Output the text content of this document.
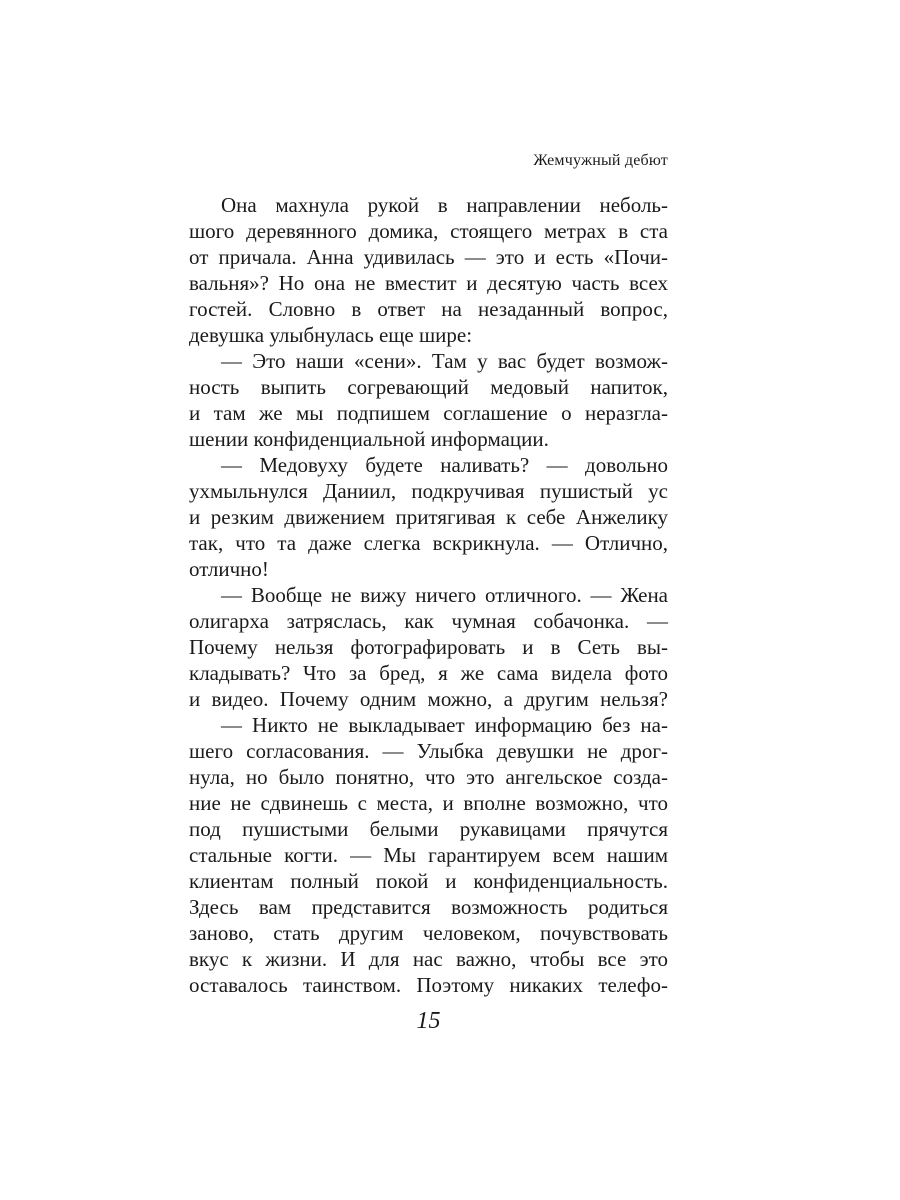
Жемчужный дебют
Она махнула рукой в направлении неболь-
шого деревянного домика, стоящего метрах в ста
от причала. Анна удивилась — это и есть «Почи-
вальня»? Но она не вместит и десятую часть всех
гостей. Словно в ответ на незаданный вопрос,
девушка улыбнулась еще шире:
— Это наши «сени». Там у вас будет возмож-
ность выпить согревающий медовый напиток,
и там же мы подпишем соглашение о неразгла-
шении конфиденциальной информации.
— Медовуху будете наливать? — довольно
ухмыльнулся Даниил, подкручивая пушистый ус
и резким движением притягивая к себе Анжелику
так, что та даже слегка вскрикнула. — Отлично,
отлично!
— Вообще не вижу ничего отличного. — Жена
олигарха затряслась, как чумная собачонка. —
Почему нельзя фотографировать и в Сеть вы-
кладывать? Что за бред, я же сама видела фото
и видео. Почему одним можно, а другим нельзя?
— Никто не выкладывает информацию без на-
шего согласования. — Улыбка девушки не дрог-
нула, но было понятно, что это ангельское созда-
ние не сдвинешь с места, и вполне возможно, что
под пушистыми белыми рукавицами прячутся
стальные когти. — Мы гарантируем всем нашим
клиентам полный покой и конфиденциальность.
Здесь вам представится возможность родиться
заново, стать другим человеком, почувствовать
вкус к жизни. И для нас важно, чтобы все это
оставалось таинством. Поэтому никаких телефо-
15
